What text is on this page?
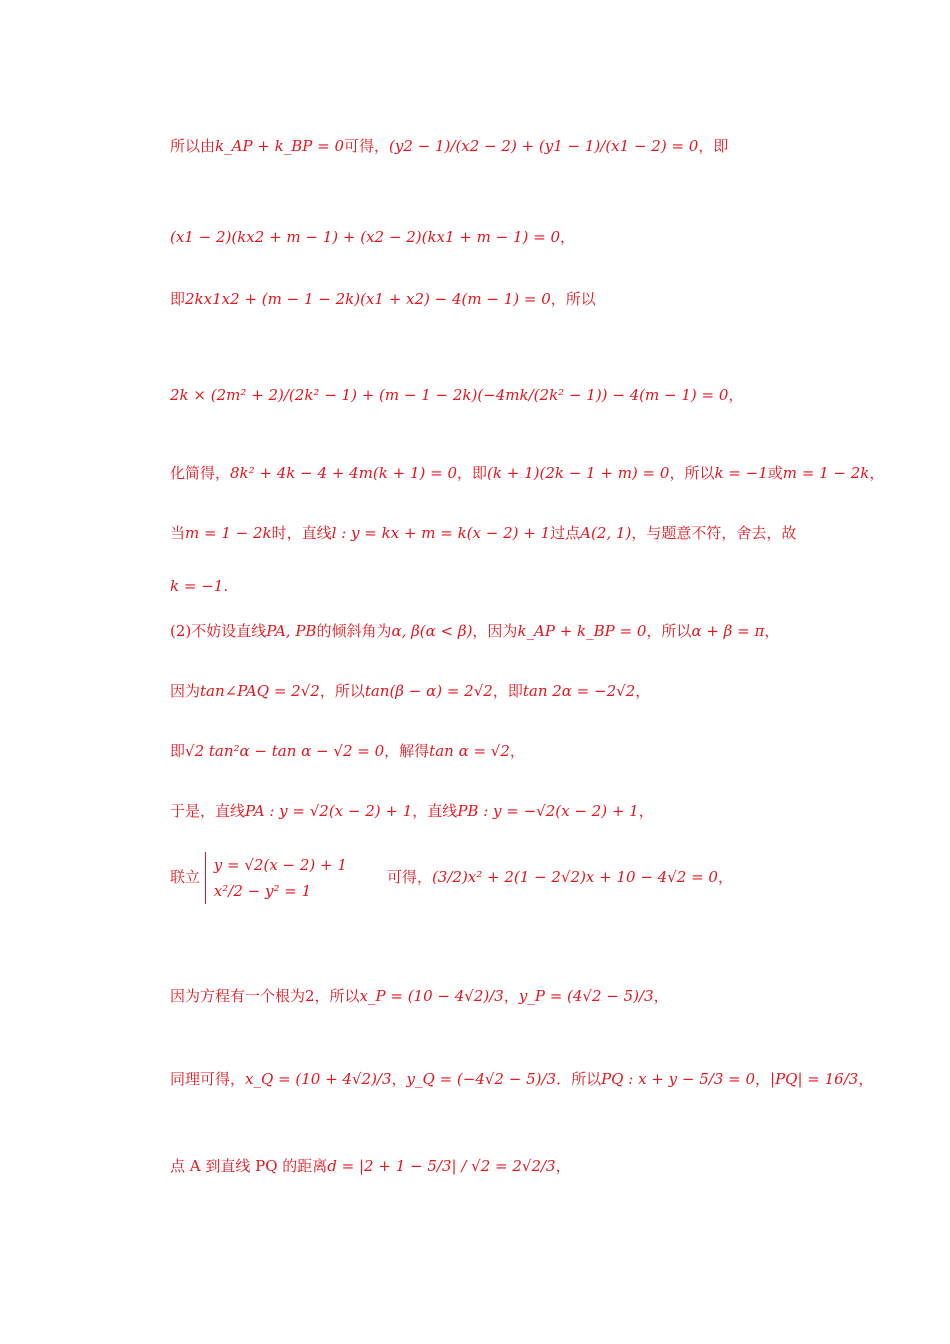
所以由k_AP + k_BP = 0可得，(y2 − 1)/(x2 − 2) + (y1 − 1)/(x1 − 2) = 0，即
(x1 − 2)(kx2 + m − 1) + (x2 − 2)(kx1 + m − 1) = 0，
即2kx1x2 + (m − 1 − 2k)(x1 + x2) − 4(m − 1) = 0，所以
2k × (2m² + 2)/(2k² − 1) + (m − 1 − 2k)(−4mk/(2k² − 1)) − 4(m − 1) = 0，
化简得，8k² + 4k − 4 + 4m(k + 1) = 0，即(k + 1)(2k − 1 + m) = 0，所以k = −1或m = 1 − 2k，
当m = 1 − 2k时，直线l : y = kx + m = k(x − 2) + 1过点A(2, 1)，与题意不符，舍去，故
k = −1.
(2)不妨设直线PA, PB的倾斜角为α, β(α < β)，因为k_AP + k_BP = 0，所以α + β = π，
因为tan∠PAQ = 2√2，所以tan(β − α) = 2√2，即tan 2α = −2√2，
即√2 tan²α − tan α − √2 = 0，解得tan α = √2，
于是，直线PA : y = √2(x − 2) + 1，直线PB : y = −√2(x − 2) + 1，
联立
y = √2(x − 2) + 1
x²/2 − y² = 1
可得，(3/2)x² + 2(1 − 2√2)x + 10 − 4√2 = 0，
因为方程有一个根为2，所以x_P = (10 − 4√2)/3，y_P = (4√2 − 5)/3，
同理可得，x_Q = (10 + 4√2)/3，y_Q = (−4√2 − 5)/3．所以PQ : x + y − 5/3 = 0，|PQ| = 16/3，
点 A 到直线 PQ 的距离d = |2 + 1 − 5/3| / √2 = 2√2/3，
